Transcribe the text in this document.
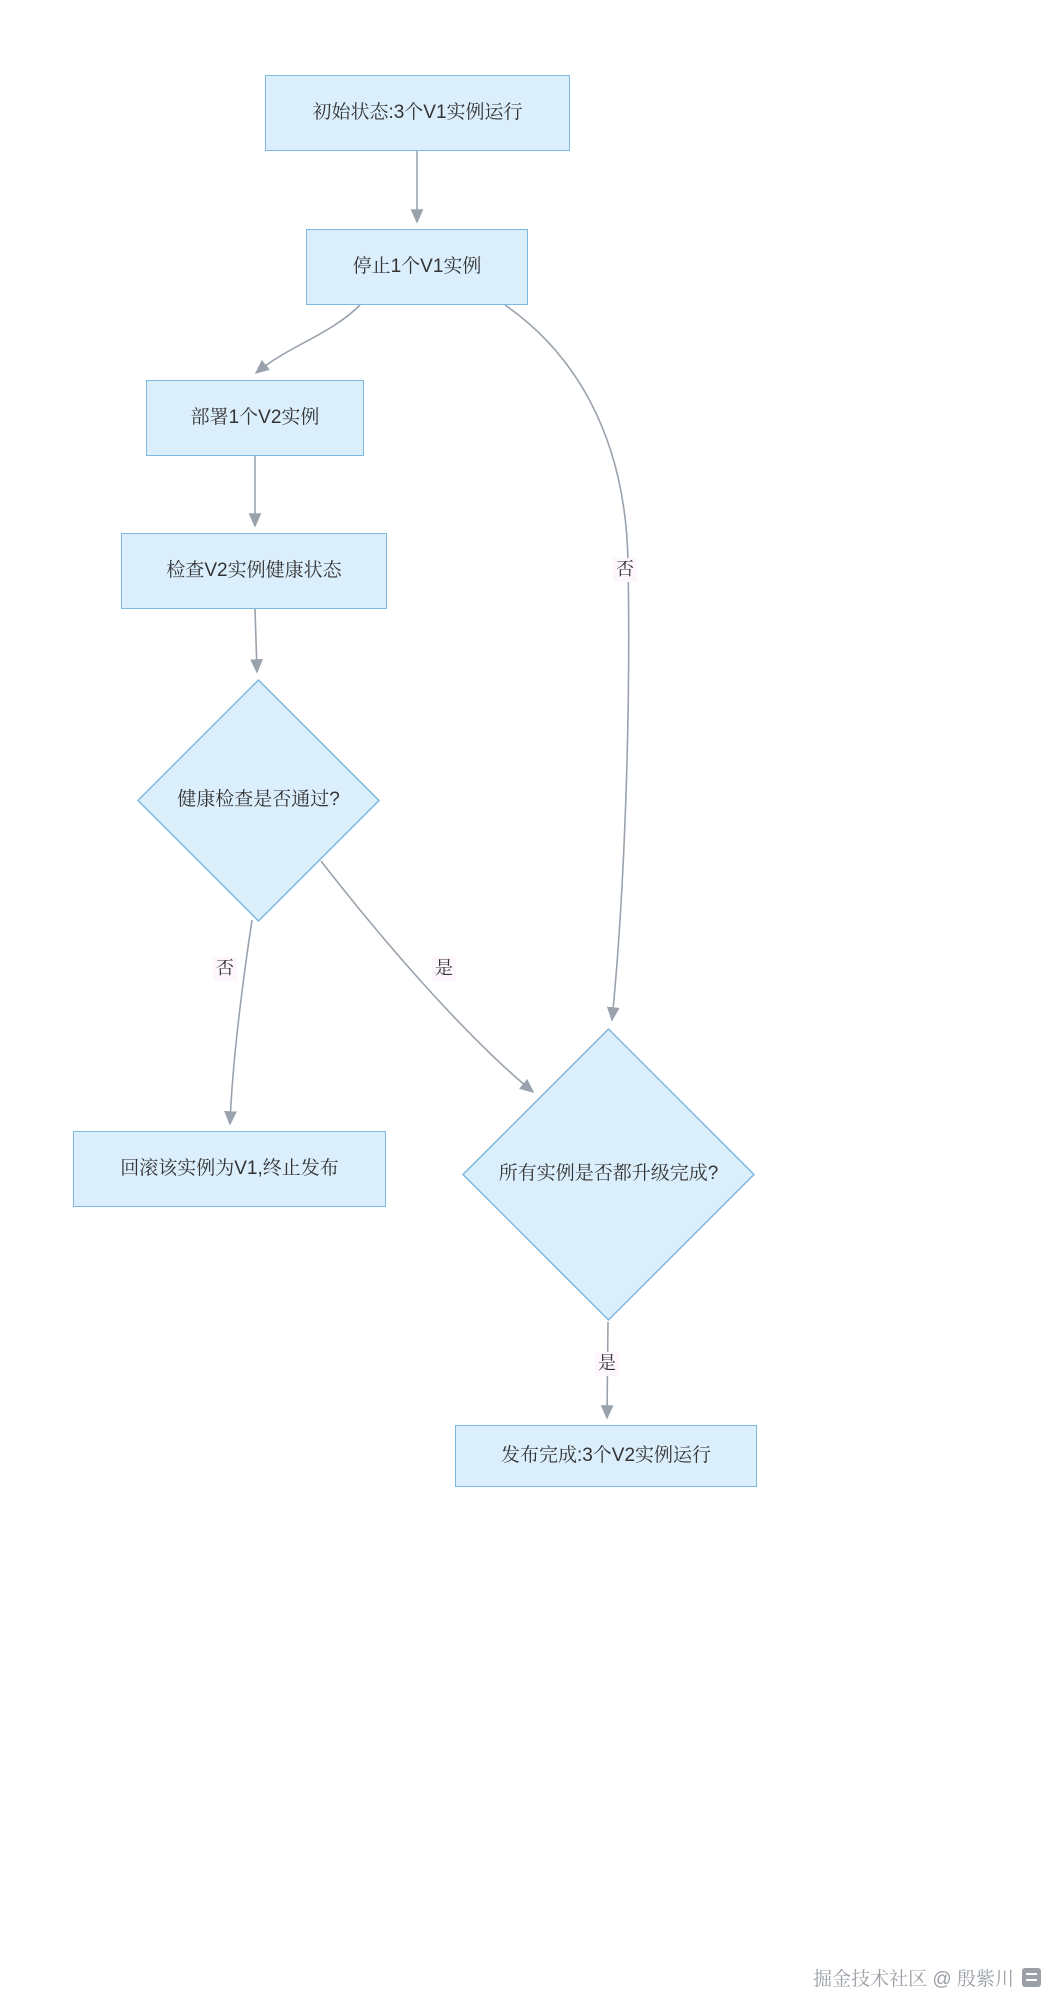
初始状态:3个V1实例运行
停止1个V1实例
部署1个V2实例
检查V2实例健康状态
健康检查是否通过?
回滚该实例为V1,终止发布	所有实例是否都升级完成?
发布完成:3个V2实例运行
否
否	是
是
掘金技术社区 @ 殷紫川
